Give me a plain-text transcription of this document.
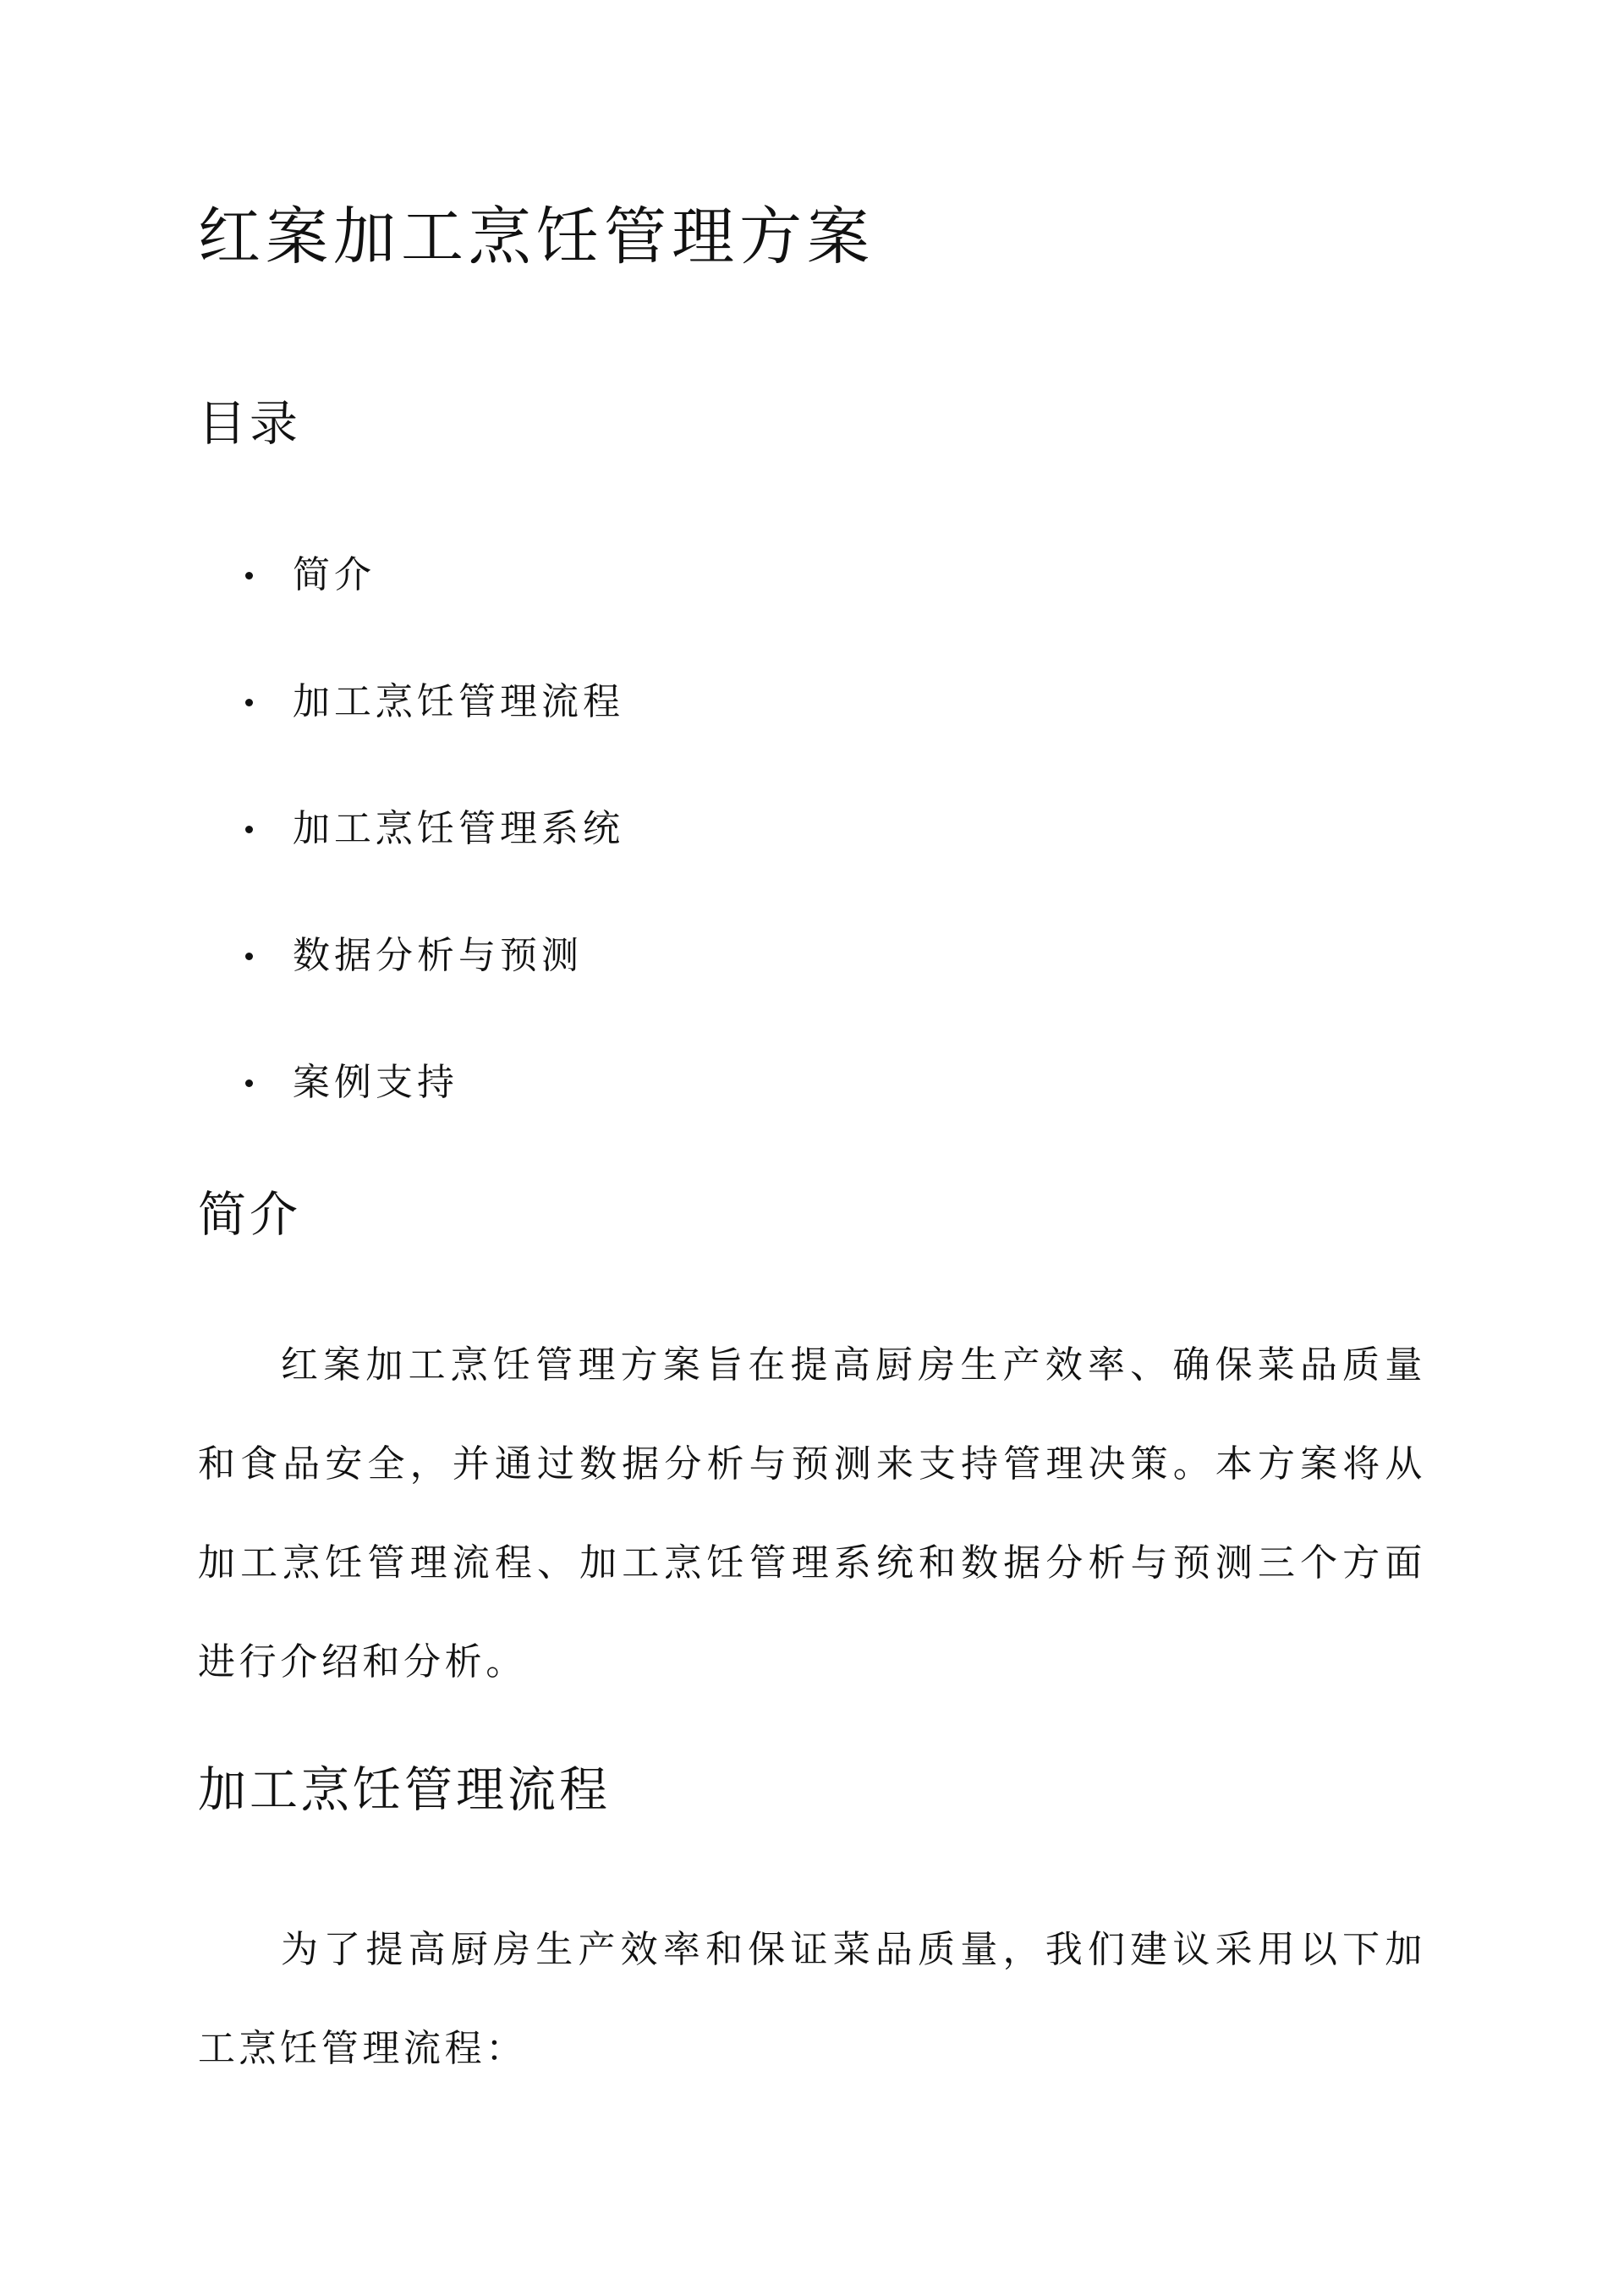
红案加工烹饪管理方案
目录
简介
加工烹饪管理流程
加工烹饪管理系统
数据分析与预测
案例支持
简介

红案加工烹饪管理方案旨在提高厨房生产效率、确保菜品质量和食品安全，并通过数据分析与预测来支持管理决策。本方案将从加工烹饪管理流程、加工烹饪管理系统和数据分析与预测三个方面进行介绍和分析。

加工烹饪管理流程

为了提高厨房生产效率和保证菜品质量，我们建议采用以下加工烹饪管理流程：
